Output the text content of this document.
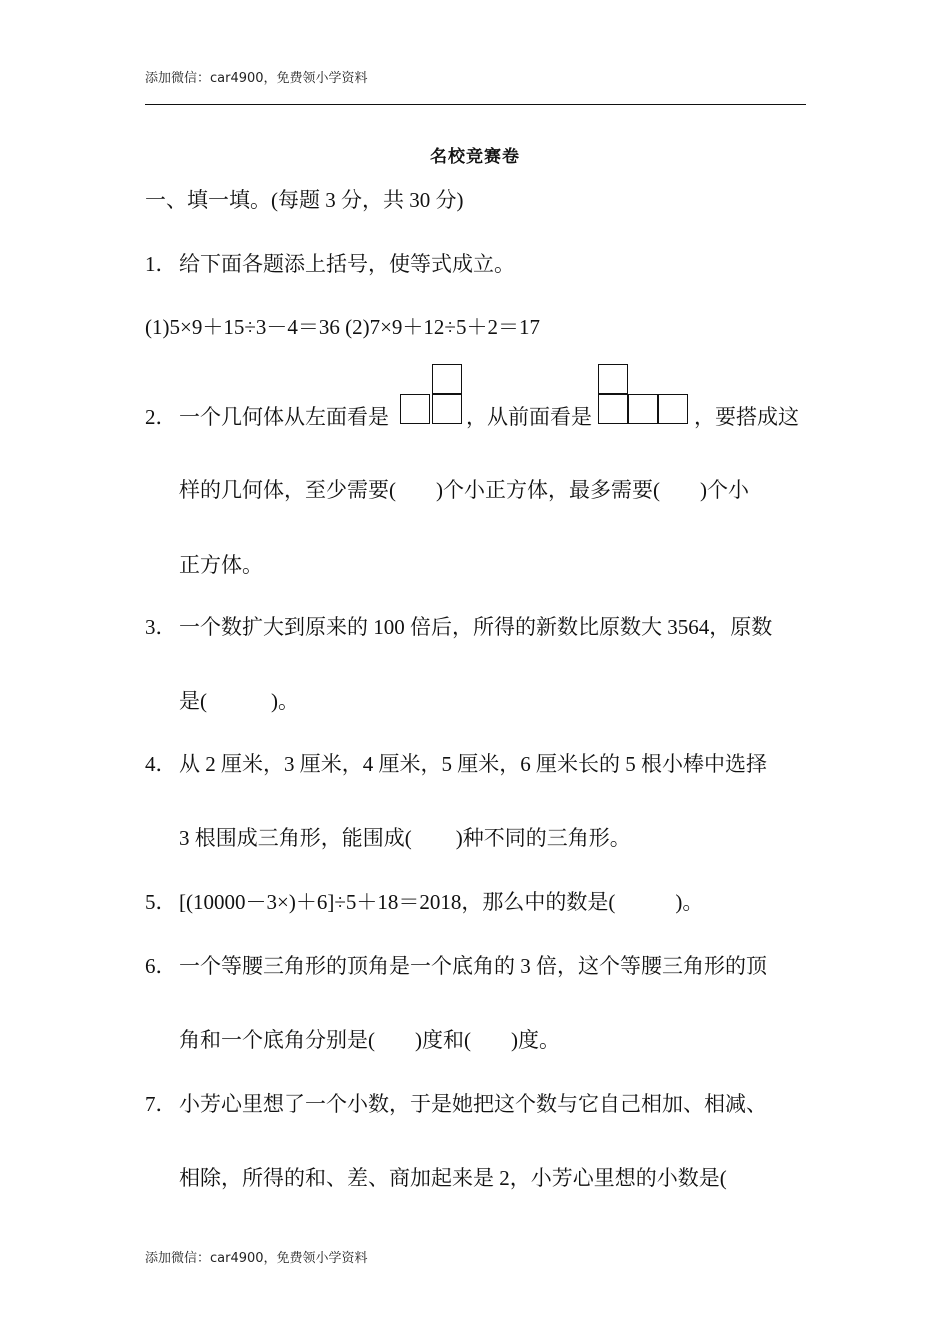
添加微信：car4900，免费领小学资料
名校竞赛卷
一、填一填。(每题 3 分，共 30 分)
1． 给下面各题添上括号，使等式成立。
(1)5×9＋15÷3－4＝36 (2)7×9＋12÷5＋2＝17
2． 一个几何体从左面看是	，从前面看是	，要搭成这
样的几何体，至少需要( )个小正方体，最多需要( )个小
正方体。
3． 一个数扩大到原来的 100 倍后，所得的新数比原数大 3564，原数
是(	)。
4． 从 2 厘米，3 厘米，4 厘米，5 厘米，6 厘米长的 5 根小棒中选择
3 根围成三角形，能围成( )种不同的三角形。
5． [(10000－3×)＋6]÷5＋18＝2018，那么中的数是(	)。
6． 一个等腰三角形的顶角是一个底角的 3 倍，这个等腰三角形的顶
角和一个底角分别是( )度和( )度。
7． 小芳心里想了一个小数，于是她把这个数与它自己相加、相减、
相除，所得的和、差、商加起来是 2，小芳心里想的小数是(
添加微信：car4900，免费领小学资料
